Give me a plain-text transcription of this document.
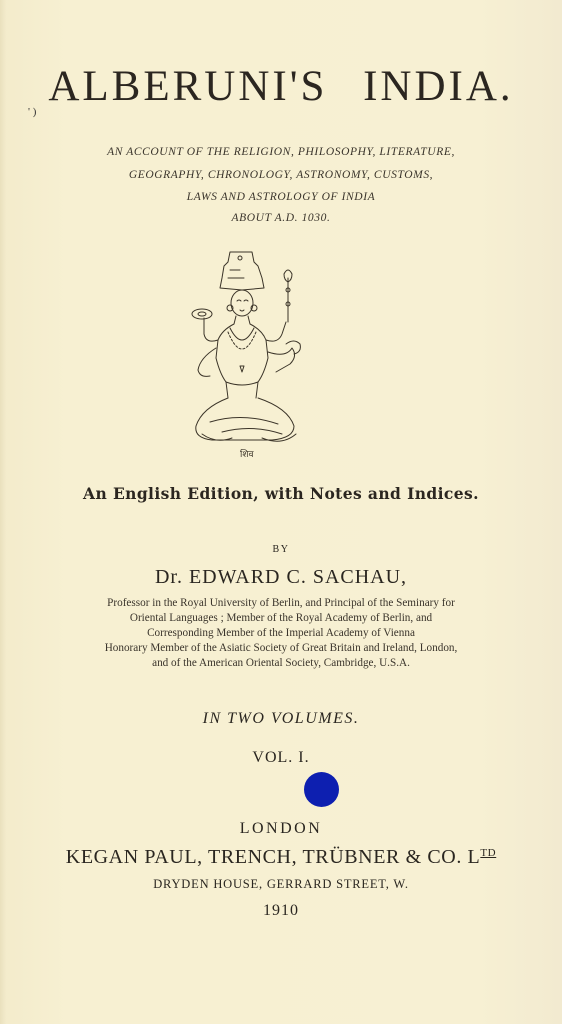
ALBERUNI'S INDIA.
' )
AN ACCOUNT OF THE RELIGION, PHILOSOPHY, LITERATURE,
GEOGRAPHY, CHRONOLOGY, ASTRONOMY, CUSTOMS,
LAWS AND ASTROLOGY OF INDIA
ABOUT A.D. 1030.
शिव
An English Edition, with Notes and Indices.
BY
Dr. EDWARD C. SACHAU,
Professor in the Royal University of Berlin, and Principal of the Seminary for
Oriental Languages ; Member of the Royal Academy of Berlin, and
Corresponding Member of the Imperial Academy of Vienna
Honorary Member of the Asiatic Society of Great Britain and Ireland, London,
and of the American Oriental Society, Cambridge, U.S.A.
IN TWO VOLUMES.
VOL. I.
LONDON
KEGAN PAUL, TRENCH, TRÜBNER & CO. $L^{TD}$
DRYDEN HOUSE, GERRARD STREET, W.
1910
